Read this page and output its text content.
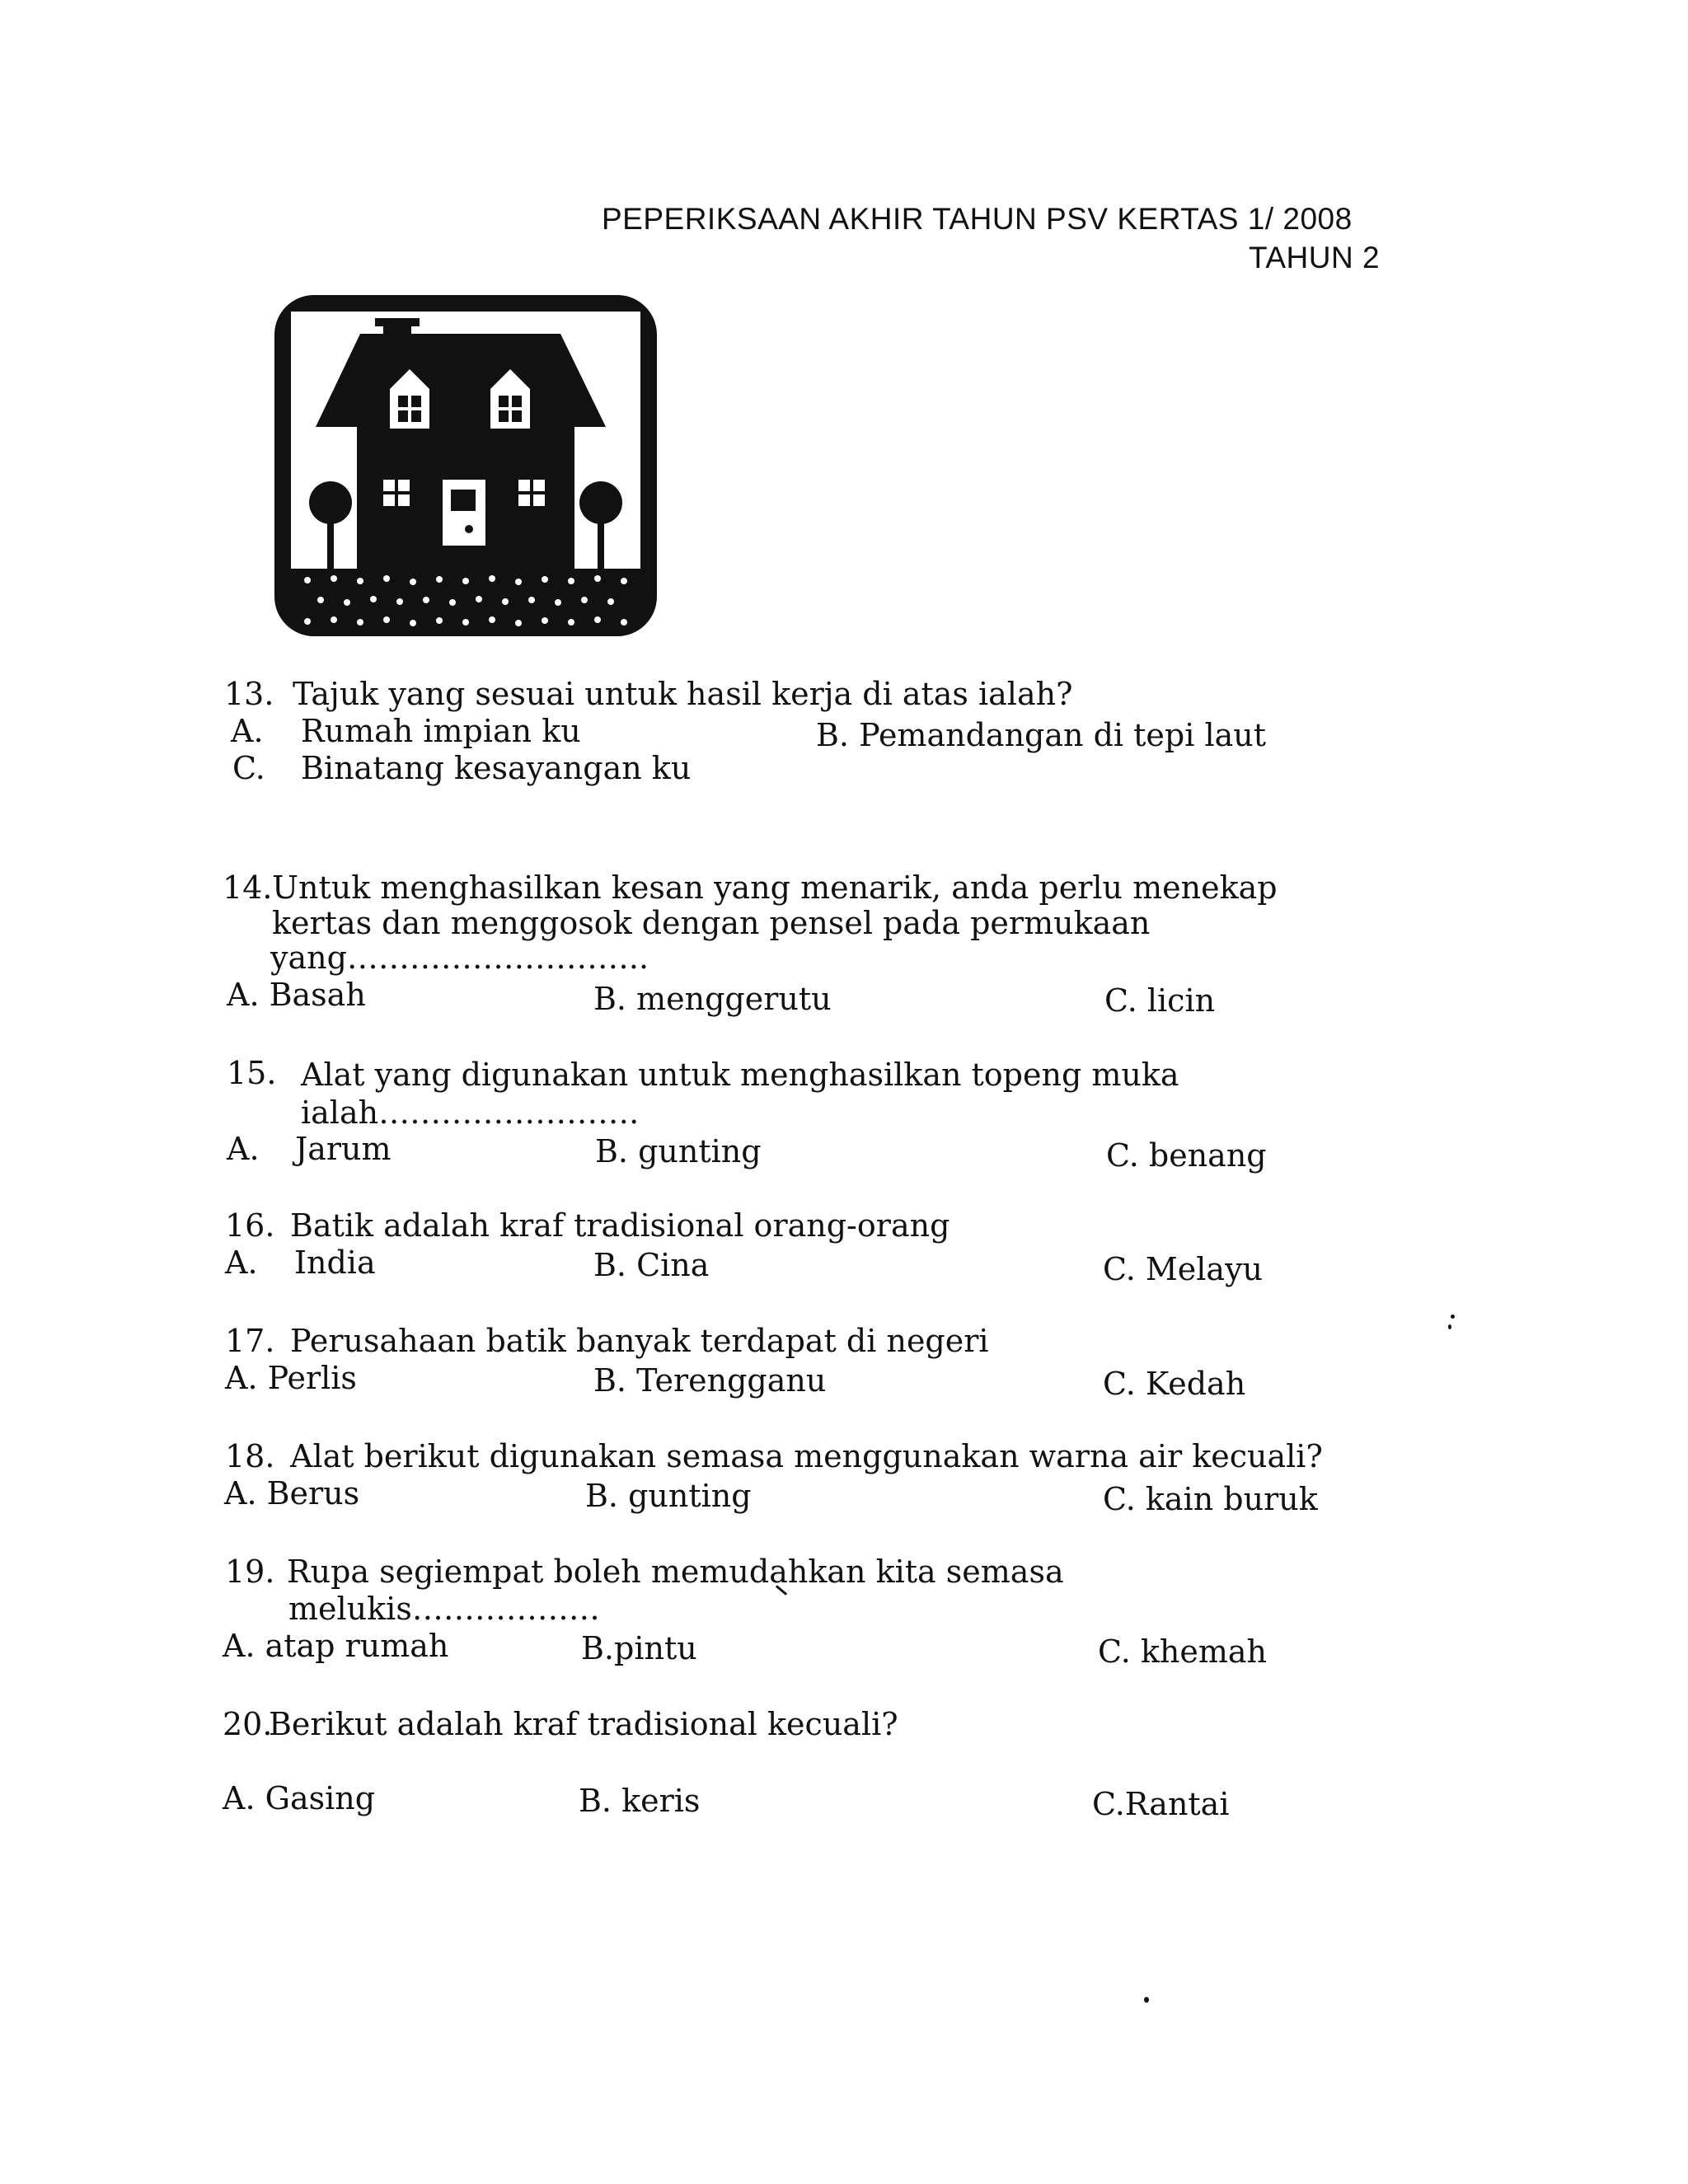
PEPERIKSAAN AKHIR TAHUN PSV KERTAS 1/ 2008
TAHUN 2
13. Tajuk yang sesuai untuk hasil kerja di atas ialah?
A. Rumah impian ku	B. Pemandangan di tepi laut
C. Binatang kesayangan ku
14. Untuk menghasilkan kesan yang menarik, anda perlu menekap
kertas dan menggosok dengan pensel pada permukaan
yang………………………..
A. Basah	B. menggerutu	C. licin
15. Alat yang digunakan untuk menghasilkan topeng muka
ialah…………………….
A. Jarum	B. gunting	C. benang
16. Batik adalah kraf tradisional orang-orang
A. India	B. Cina	C. Melayu
17. Perusahaan batik banyak terdapat di negeri
A. Perlis	B. Terengganu	C. Kedah
18. Alat berikut digunakan semasa menggunakan warna air kecuali?
A. Berus	B. gunting	C. kain buruk
19. Rupa segiempat boleh memudahkan kita semasa
melukis………………
A. atap rumah	B.pintu	C. khemah
20.
Berikut adalah kraf tradisional kecuali?
A. Gasing	B. keris	C.Rantai
